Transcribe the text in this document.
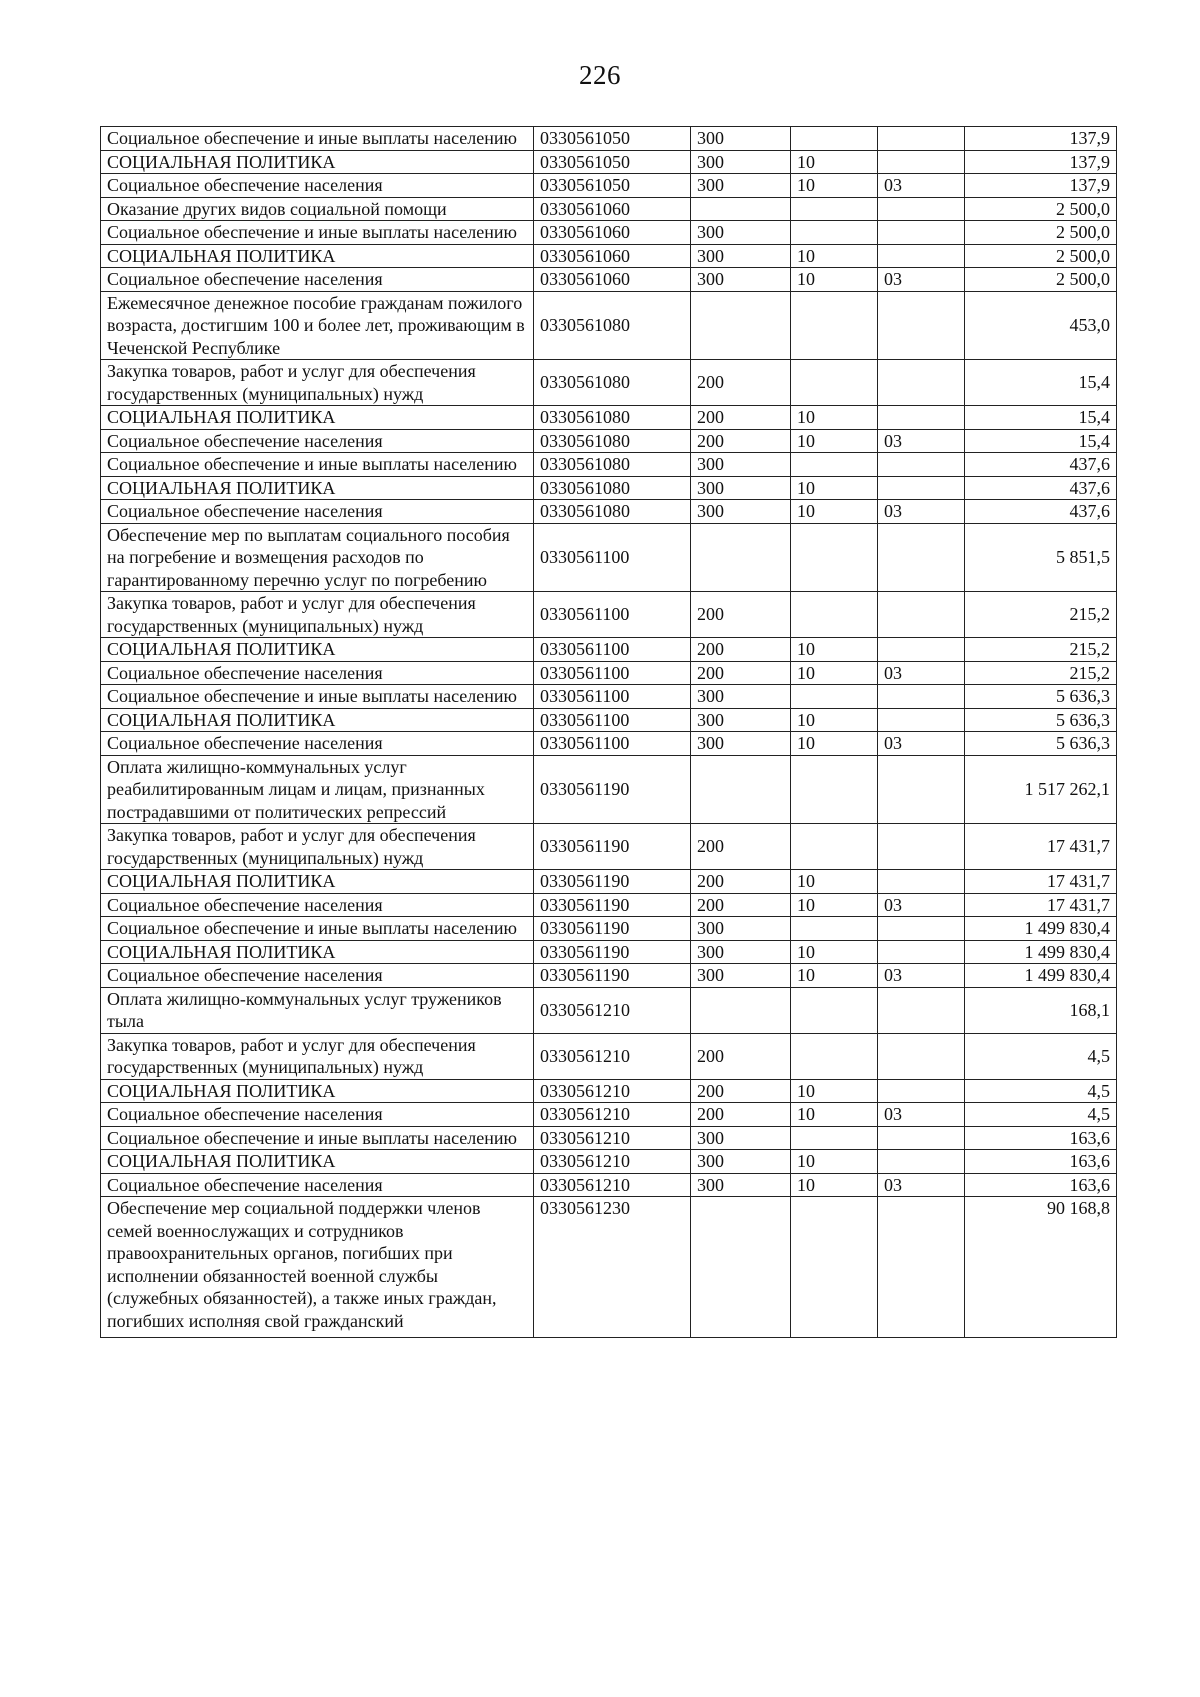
226
Социальное обеспечение и иные выплаты населению	0330561050	300			137,9
СОЦИАЛЬНАЯ ПОЛИТИКА	0330561050	300	10		137,9
Социальное обеспечение населения	0330561050	300	10	03	137,9
Оказание других видов социальной помощи	0330561060				2 500,0
Социальное обеспечение и иные выплаты населению	0330561060	300			2 500,0
СОЦИАЛЬНАЯ ПОЛИТИКА	0330561060	300	10		2 500,0
Социальное обеспечение населения	0330561060	300	10	03	2 500,0
Ежемесячное денежное пособие гражданам пожилого возраста, достигшим 100 и более лет, проживающим в Чеченской Республике	0330561080				453,0
Закупка товаров, работ и услуг для обеспечения государственных (муниципальных) нужд	0330561080	200			15,4
СОЦИАЛЬНАЯ ПОЛИТИКА	0330561080	200	10		15,4
Социальное обеспечение населения	0330561080	200	10	03	15,4
Социальное обеспечение и иные выплаты населению	0330561080	300			437,6
СОЦИАЛЬНАЯ ПОЛИТИКА	0330561080	300	10		437,6
Социальное обеспечение населения	0330561080	300	10	03	437,6
Обеспечение мер по выплатам социального пособия на погребение и возмещения расходов по гарантированному перечню услуг по погребению	0330561100				5 851,5
Закупка товаров, работ и услуг для обеспечения государственных (муниципальных) нужд	0330561100	200			215,2
СОЦИАЛЬНАЯ ПОЛИТИКА	0330561100	200	10		215,2
Социальное обеспечение населения	0330561100	200	10	03	215,2
Социальное обеспечение и иные выплаты населению	0330561100	300			5 636,3
СОЦИАЛЬНАЯ ПОЛИТИКА	0330561100	300	10		5 636,3
Социальное обеспечение населения	0330561100	300	10	03	5 636,3
Оплата жилищно-коммунальных услуг реабилитированным лицам и лицам, признанных пострадавшими от политических репрессий	0330561190				1 517 262,1
Закупка товаров, работ и услуг для обеспечения государственных (муниципальных) нужд	0330561190	200			17 431,7
СОЦИАЛЬНАЯ ПОЛИТИКА	0330561190	200	10		17 431,7
Социальное обеспечение населения	0330561190	200	10	03	17 431,7
Социальное обеспечение и иные выплаты населению	0330561190	300			1 499 830,4
СОЦИАЛЬНАЯ ПОЛИТИКА	0330561190	300	10		1 499 830,4
Социальное обеспечение населения	0330561190	300	10	03	1 499 830,4
Оплата жилищно-коммунальных услуг тружеников тыла	0330561210				168,1
Закупка товаров, работ и услуг для обеспечения государственных (муниципальных) нужд	0330561210	200			4,5
СОЦИАЛЬНАЯ ПОЛИТИКА	0330561210	200	10		4,5
Социальное обеспечение населения	0330561210	200	10	03	4,5
Социальное обеспечение и иные выплаты населению	0330561210	300			163,6
СОЦИАЛЬНАЯ ПОЛИТИКА	0330561210	300	10		163,6
Социальное обеспечение населения	0330561210	300	10	03	163,6
Обеспечение мер социальной поддержки членов семей военнослужащих и сотрудников правоохранительных органов, погибших при исполнении обязанностей военной службы (служебных обязанностей), а также иных граждан, погибших исполняя свой гражданский	0330561230				90 168,8
